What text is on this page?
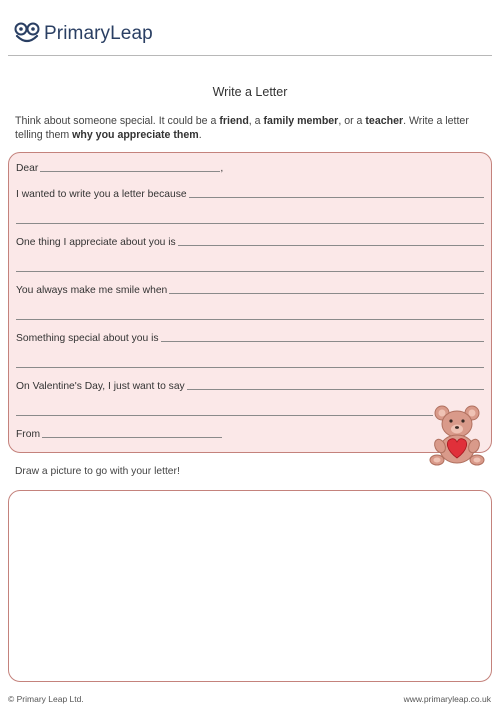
PrimaryLeap
Write a Letter
Think about someone special. It could be a friend, a family member, or a teacher. Write a letter telling them why you appreciate them.
Dear	,
I wanted to write you a letter because
One thing I appreciate about you is
You always make me smile when
Something special about you is
On Valentine's Day, I just want to say
From
Draw a picture to go with your letter!
© Primary Leap Ltd.	www.primaryleap.co.uk
